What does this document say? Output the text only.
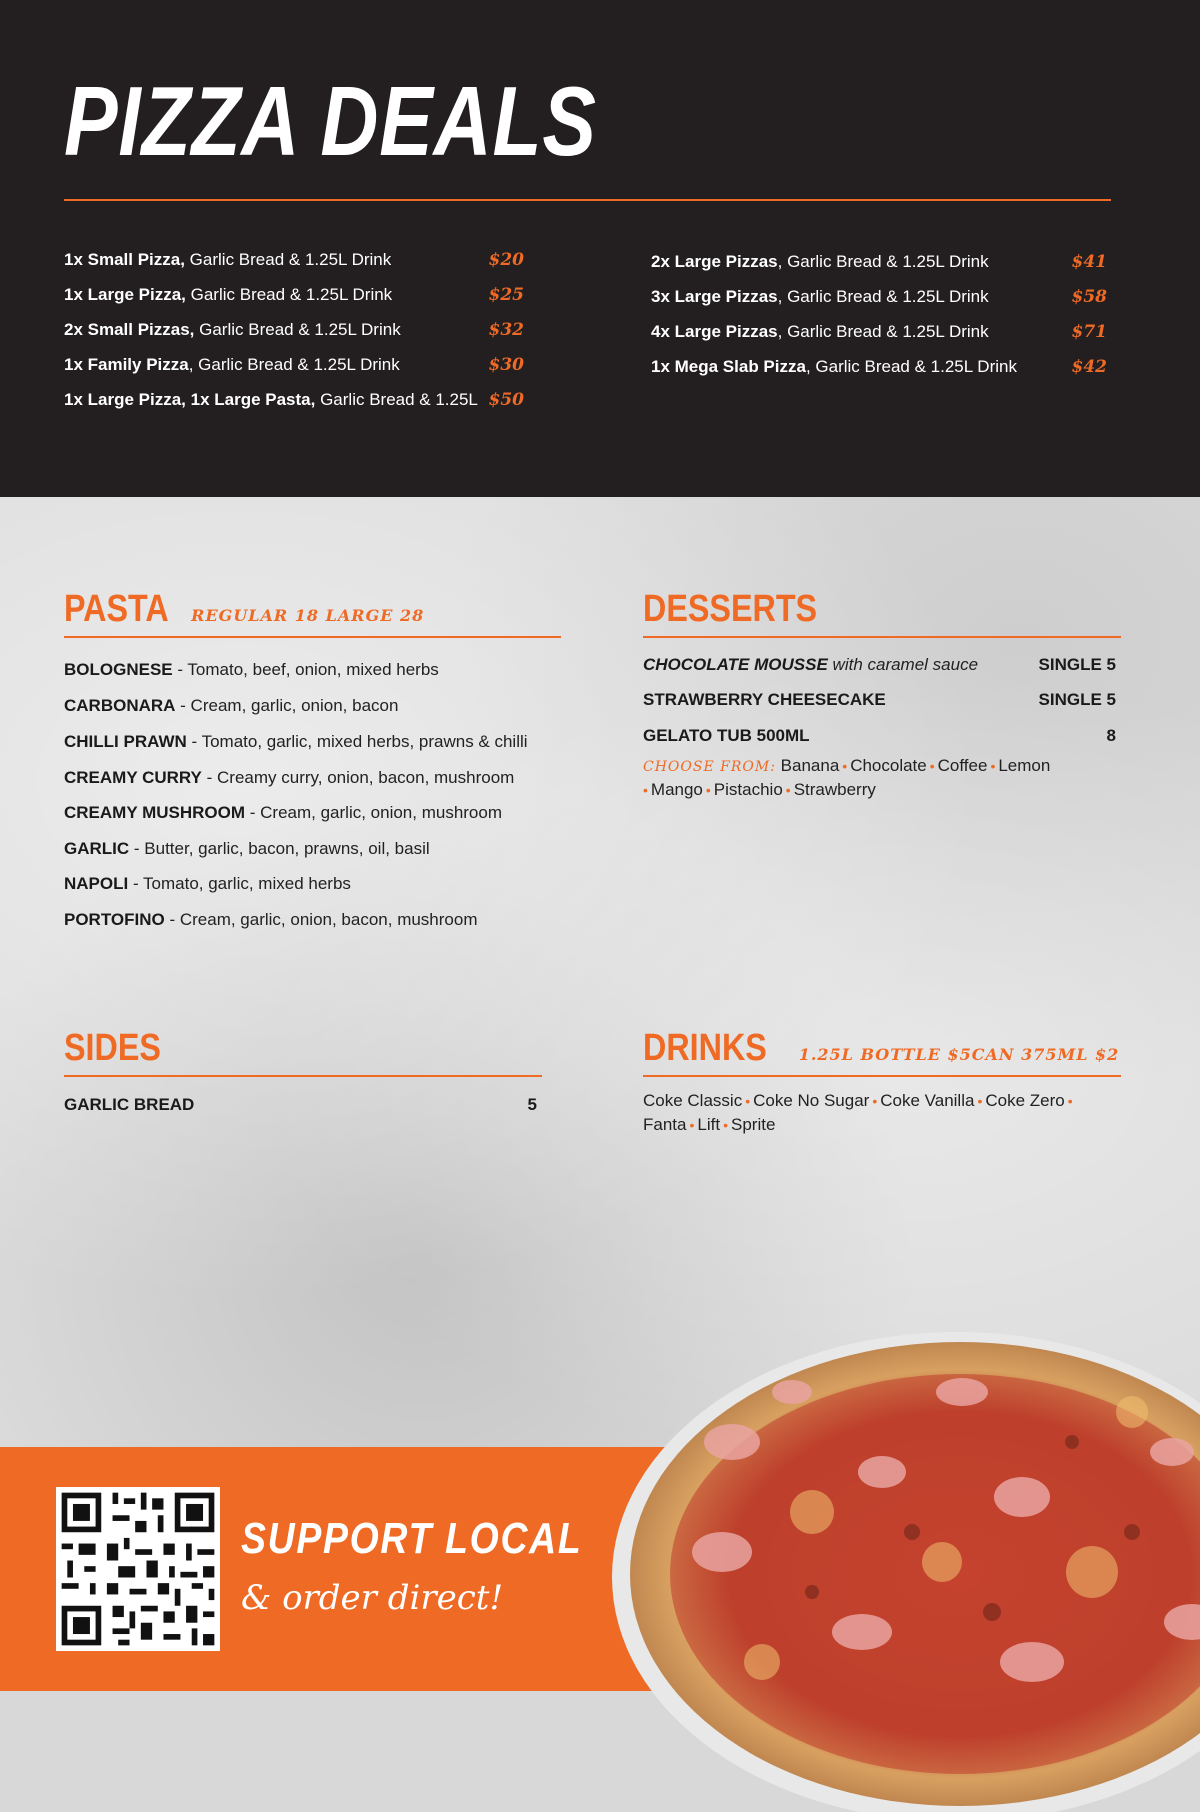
PIZZA DEALS
1x Small Pizza, Garlic Bread & 1.25L Drink	$20
1x Large Pizza, Garlic Bread & 1.25L Drink	$25
2x Small Pizzas, Garlic Bread & 1.25L Drink	$32
1x Family Pizza, Garlic Bread & 1.25L Drink	$30
1x Large Pizza, 1x Large Pasta, Garlic Bread & 1.25L $50
2x Large Pizzas, Garlic Bread & 1.25L Drink	$41
3x Large Pizzas, Garlic Bread & 1.25L Drink	$58
4x Large Pizzas, Garlic Bread & 1.25L Drink	$71
1x Mega Slab Pizza, Garlic Bread & 1.25L Drink	$42
PASTA REGULAR 18 LARGE 28
BOLOGNESE - Tomato, beef, onion, mixed herbs
CARBONARA - Cream, garlic, onion, bacon
CHILLI PRAWN - Tomato, garlic, mixed herbs, prawns & chilli
CREAMY CURRY - Creamy curry, onion, bacon, mushroom
CREAMY MUSHROOM - Cream, garlic, onion, mushroom
GARLIC - Butter, garlic, bacon, prawns, oil, basil
NAPOLI - Tomato, garlic, mixed herbs
PORTOFINO - Cream, garlic, onion, bacon, mushroom
DESSERTS
CHOCOLATE MOUSSE with caramel sauce	SINGLE 5
STRAWBERRY CHEESECAKE	SINGLE 5
GELATO TUB 500ML	8
CHOOSE FROM: Banana • Chocolate • Coffee • Lemon
• Mango • Pistachio • Strawberry
SIDES
GARLIC BREAD	5
DRINKS 1.25L BOTTLE $5 CAN 375ML $2
Coke Classic • Coke No Sugar • Coke Vanilla • Coke Zero •
Fanta • Lift • Sprite
SUPPORT LOCAL
& order direct!
